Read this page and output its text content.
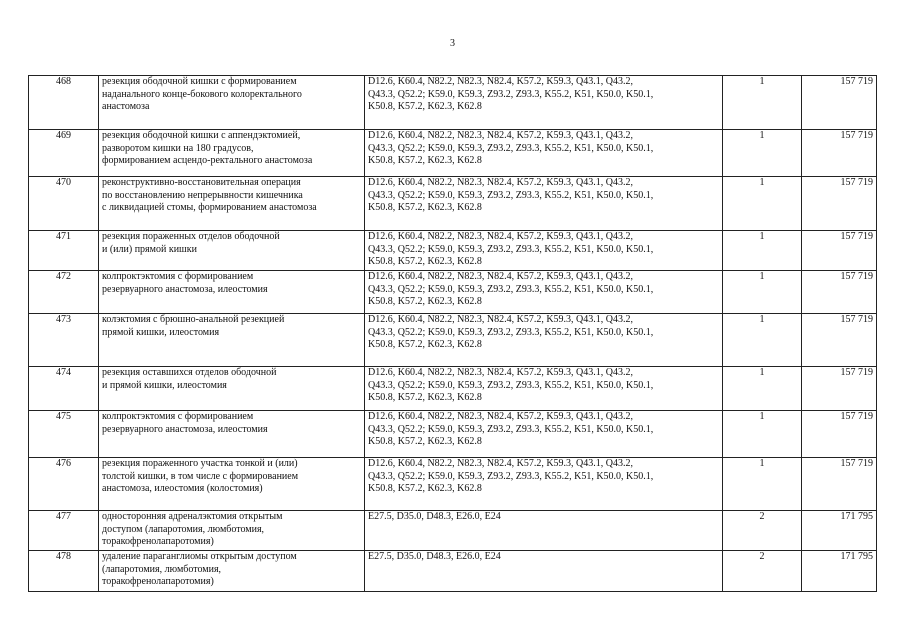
3
468	резекция ободочной кишки с формированием
наданального конце-бокового колоректального
анастомоза	D12.6, K60.4, N82.2, N82.3, N82.4, K57.2, K59.3, Q43.1, Q43.2,
Q43.3, Q52.2; K59.0, K59.3, Z93.2, Z93.3, K55.2, K51, K50.0, K50.1,
K50.8, K57.2, K62.3, K62.8	1	157 719
469	резекция ободочной кишки с аппендэктомией,
разворотом кишки на 180 градусов,
формированием асцендо-ректального анастомоза	D12.6, K60.4, N82.2, N82.3, N82.4, K57.2, K59.3, Q43.1, Q43.2,
Q43.3, Q52.2; K59.0, K59.3, Z93.2, Z93.3, K55.2, K51, K50.0, K50.1,
K50.8, K57.2, K62.3, K62.8	1	157 719
470	реконструктивно-восстановительная операция
по восстановлению непрерывности кишечника
с ликвидацией стомы, формированием анастомоза	D12.6, K60.4, N82.2, N82.3, N82.4, K57.2, K59.3, Q43.1, Q43.2,
Q43.3, Q52.2; K59.0, K59.3, Z93.2, Z93.3, K55.2, K51, K50.0, K50.1,
K50.8, K57.2, K62.3, K62.8	1	157 719
471	резекция пораженных отделов ободочной
и (или) прямой кишки	D12.6, K60.4, N82.2, N82.3, N82.4, K57.2, K59.3, Q43.1, Q43.2,
Q43.3, Q52.2; K59.0, K59.3, Z93.2, Z93.3, K55.2, K51, K50.0, K50.1,
K50.8, K57.2, K62.3, K62.8	1	157 719
472	колпроктэктомия с формированием
резервуарного анастомоза, илеостомия	D12.6, K60.4, N82.2, N82.3, N82.4, K57.2, K59.3, Q43.1, Q43.2,
Q43.3, Q52.2; K59.0, K59.3, Z93.2, Z93.3, K55.2, K51, K50.0, K50.1,
K50.8, K57.2, K62.3, K62.8	1	157 719
473	колэктомия с брюшно-анальной резекцией
прямой кишки, илеостомия	D12.6, K60.4, N82.2, N82.3, N82.4, K57.2, K59.3, Q43.1, Q43.2,
Q43.3, Q52.2; K59.0, K59.3, Z93.2, Z93.3, K55.2, K51, K50.0, K50.1,
K50.8, K57.2, K62.3, K62.8	1	157 719
474	резекция оставшихся отделов ободочной
и прямой кишки, илеостомия	D12.6, K60.4, N82.2, N82.3, N82.4, K57.2, K59.3, Q43.1, Q43.2,
Q43.3, Q52.2; K59.0, K59.3, Z93.2, Z93.3, K55.2, K51, K50.0, K50.1,
K50.8, K57.2, K62.3, K62.8	1	157 719
475	колпроктэктомия с формированием
резервуарного анастомоза, илеостомия	D12.6, K60.4, N82.2, N82.3, N82.4, K57.2, K59.3, Q43.1, Q43.2,
Q43.3, Q52.2; K59.0, K59.3, Z93.2, Z93.3, K55.2, K51, K50.0, K50.1,
K50.8, K57.2, K62.3, K62.8	1	157 719
476	резекция пораженного участка тонкой и (или)
толстой кишки, в том числе с формированием
анастомоза, илеостомия (колостомия)	D12.6, K60.4, N82.2, N82.3, N82.4, K57.2, K59.3, Q43.1, Q43.2,
Q43.3, Q52.2; K59.0, K59.3, Z93.2, Z93.3, K55.2, K51, K50.0, K50.1,
K50.8, K57.2, K62.3, K62.8	1	157 719
477	односторонняя адреналэктомия открытым
доступом (лапаротомия, люмботомия,
торакофренолапаротомия)	E27.5, D35.0, D48.3, E26.0, E24	2	171 795
478	удаление параганглиомы открытым доступом
(лапаротомия, люмботомия,
торакофренолапаротомия)	E27.5, D35.0, D48.3, E26.0, E24	2	171 795
